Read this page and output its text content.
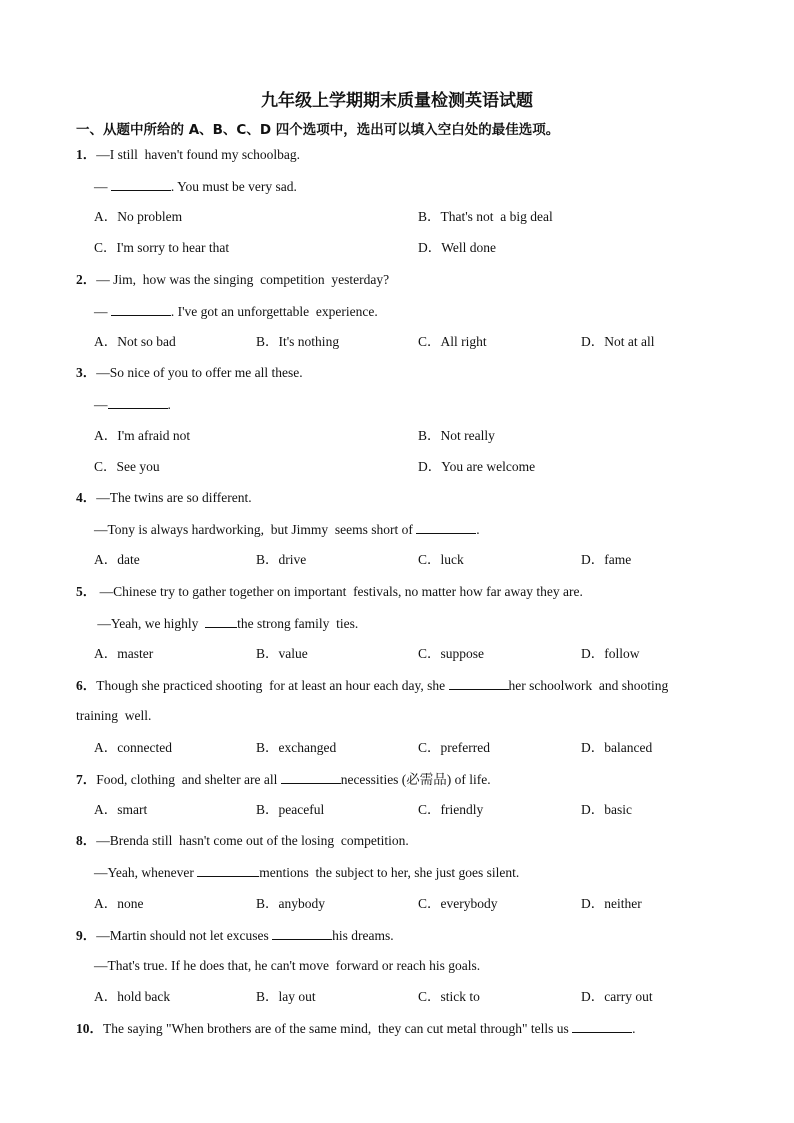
九年级上学期期末质量检测英语试题
一、从题中所给的 A、B、C、D 四个选项中，选出可以填入空白处的最佳选项。
1．—I still  haven't found my schoolbag.
—	. You must be very sad.
A．No problem	B．That's not  a big deal
C．I'm sorry to hear that	D．Well done
2．— Jim,  how was the singing  competition  yesterday?
—	. I've got an unforgettable  experience.
A．Not so bad	B．It's nothing	C．All right	D．Not at all
3．—So nice of you to offer me all these.
—	.
A．I'm afraid not	B．Not really
C．See you	D．You are welcome
4．—The twins are so different.
—Tony is always hardworking,  but Jimmy  seems short of	.
A．date	B．drive	C．luck	D．fame
5． —Chinese try to gather together on important  festivals, no matter how far away they are.
—Yeah, we highly  the strong family  ties.
A．master	B．value	C．suppose	D．follow
6．Though she practiced shooting  for at least an hour each day, she	her schoolwork  and shooting
training  well.
A．connected	B．exchanged	C．preferred	D．balanced
7．Food, clothing  and shelter are all	necessities (必需品) of life.
A．smart	B．peaceful	C．friendly	D．basic
8．—Brenda still  hasn't come out of the losing  competition.
—Yeah, whenever	mentions  the subject to her, she just goes silent.
A．none	B．anybody	C．everybody	D．neither
9．—Martin should not let excuses	his dreams.
—That's true. If he does that, he can't move  forward or reach his goals.
A．hold back	B．lay out	C．stick to	D．carry out
10．The saying "When brothers are of the same mind,  they can cut metal through" tells us	.
